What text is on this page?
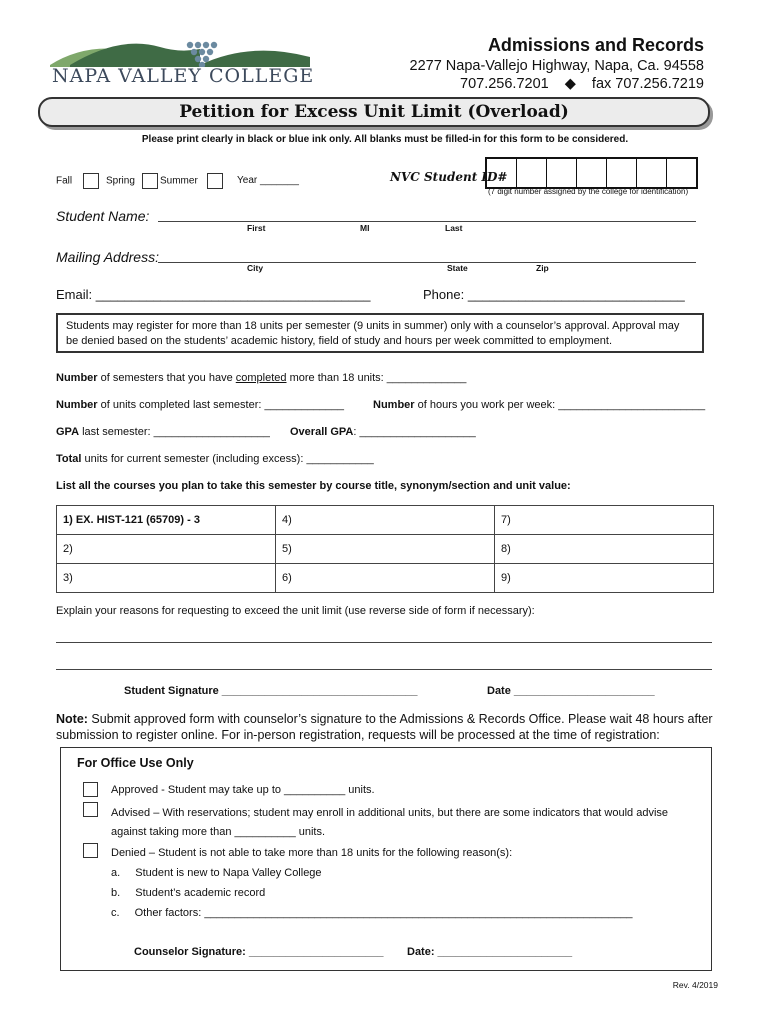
NAPA VALLEY COLLEGE
Admissions and Records
2277 Napa-Vallejo Highway, Napa, Ca. 94558
707.256.7201 ◆ fax 707.256.7219
Petition for Excess Unit Limit (Overload)
Please print clearly in black or blue ink only. All blanks must be filled-in for this form to be considered.
Fall	Spring	Summer	Year _______	NVC Student ID#
(7 digit number assigned by the college for identification)
Student Name:
First	MI	Last
Mailing Address:
City	State	Zip
Email: ______________________________________	Phone: ______________________________
Students may register for more than 18 units per semester (9 units in summer) only with a counselor’s approval. Approval may be denied based on the students’ academic history, field of study and hours per week committed to employment.
Number of semesters that you have completed more than 18 units: _____________
Number of units completed last semester: _____________	Number of hours you work per week: ________________________
GPA last semester: ___________________ Overall GPA: ___________________
Total units for current semester (including excess): ___________
List all the courses you plan to take this semester by course title, synonym/section and unit value:
1) EX. HIST-121 (65709) - 3	4)	7)
2)	5)	8)
3)	6)	9)
Explain your reasons for requesting to exceed the unit limit (use reverse side of form if necessary):
Student Signature ________________________________	Date _______________________
Note: Submit approved form with counselor’s signature to the Admissions & Records Office. Please wait 48 hours after submission to register online. For in-person registration, requests will be processed at the time of registration:
For Office Use Only
Approved - Student may take up to __________ units.
Advised – With reservations; student may enroll in additional units, but there are some indicators that would advise
against taking more than __________ units.
Denied – Student is not able to take more than 18 units for the following reason(s):
a. Student is new to Napa Valley College
b. Student’s academic record
c. Other factors: ______________________________________________________________________
Counselor Signature: ______________________ Date: ______________________
Rev. 4/2019
